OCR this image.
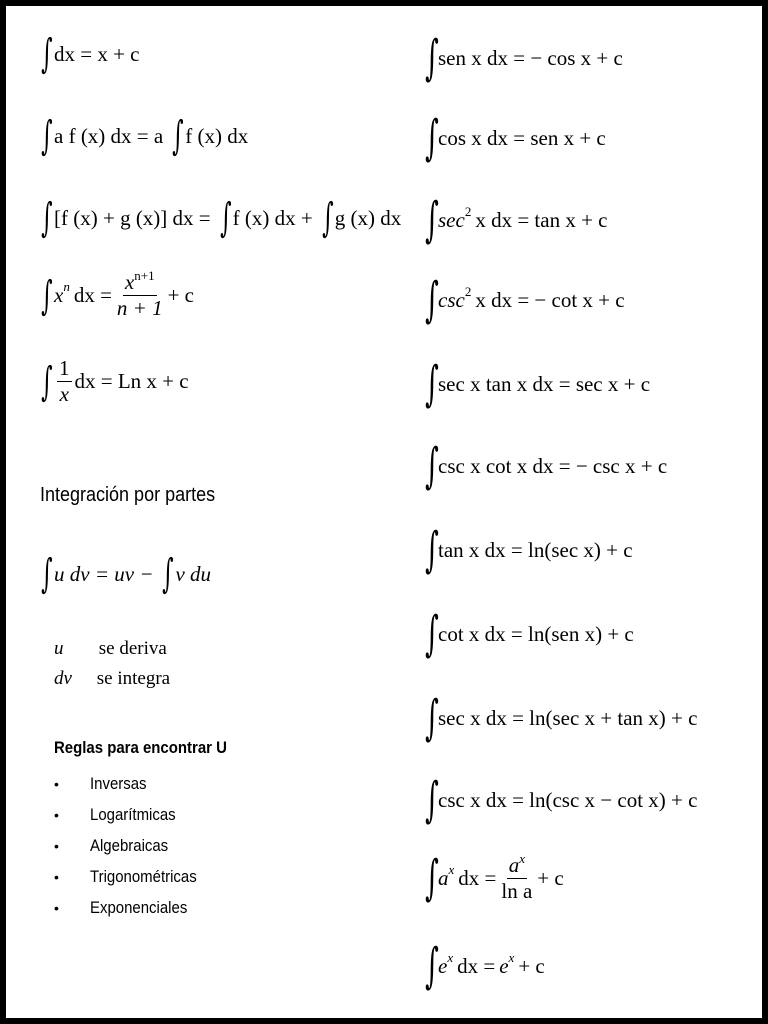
∫ dx = x + c
∫ a f (x) dx = a ∫ f (x) dx
∫ [f (x) + g (x)] dx = ∫ f (x) dx + ∫ g (x) dx
∫ x n dx = $\frac{x^{n+1}}{n + 1} + c$
∫ $\frac{1}{x}$ dx = Ln x + c
Integración por partes
∫ u dv = uv − ∫ v du
u se deriva
dv se integra
Reglas para encontrar U
•	Inversas
•	Logarítmicas
•	Algebraicas
•	Trigonométricas
•	Exponenciales
∫ sen x dx = − cos x + c
∫ cos x dx = sen x + c
∫ sec 2 x dx = tan x + c
∫ csc 2 x dx = − cot x + c
∫ sec x tan x dx = sec x + c
∫ csc x cot x dx = − csc x + c
∫ tan x dx = ln(sec x) + c
∫ cot x dx = ln(sen x) + c
∫ sec x dx = ln(sec x + tan x) + c
∫ csc x dx = ln(csc x − cot x) + c
∫ a x dx = $\frac{a^x}{\text{ln a}} + c$
∫ e x dx = e x + c
